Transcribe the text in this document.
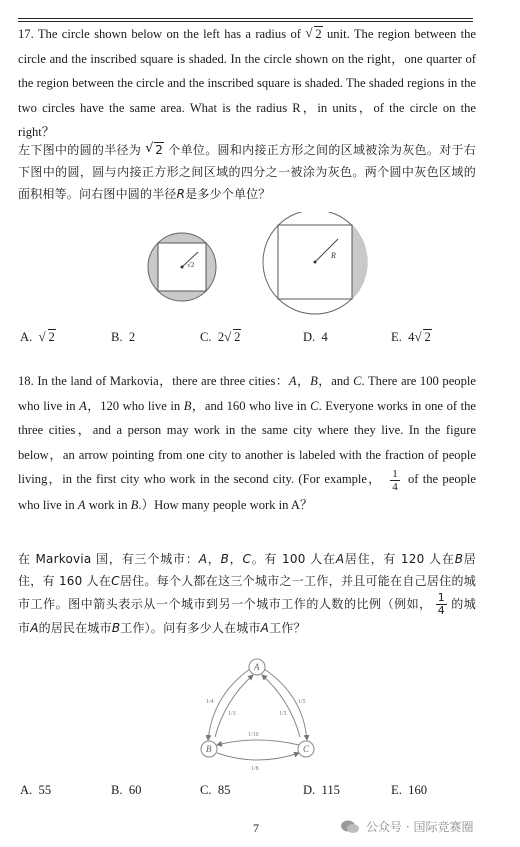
17. The circle shown below on the left has a radius of √ 2 unit. The region between the circle and the inscribed square is shaded. In the circle shown on the right，one quarter of the region between the circle and the inscribed square is shaded. The shaded regions in the two circles have the same area. What is the radius R，in units，of the circle on the right？
左下图中的圆的半径为 √ 2 个单位。圆和内接正方形之间的区域被涂为灰色。对于右下图中的圆，圆与内接正方形之间区域的四分之一被涂为灰色。两个圆中灰色区域的面积相等。问右图中圆的半径R是多少个单位？
√2
R
A. √ 2	B. 2	C. 2 √ 2	D. 4	E. 4 √ 2
18. In the land of Markovia，there are three cities：A，B，and C. There are 100 people who live in A，120 who live in B，and 160 who live in C. Everyone works in one of the three cities，and a person may work in the same city where they live. In the figure below，an arrow pointing from one city to another is labeled with the fraction of people living，in the first city who work in the second city. (For example， $\frac{1}{4}$ of the people who live in A work in B.）How many people work in A？
在 Markovia 国，有三个城市：A，B，C。有 100 人在A居住，有 120 人在B居住，有 160 人在C居住。每个人都在这三个城市之一工作，并且可能在自己居住的城市工作。图中箭头表示从一个城市到另一个城市工作的人数的比例（例如， $\frac{1}{4}$ 的城市A的居民在城市B工作）。问有多少人在城市A工作？
A
B	C
1/4
1/3
1/5
1/5
1/10
1/8
A. 55	B. 60	C. 85	D. 115	E. 160
7	公众号 · 国际竞赛圈
